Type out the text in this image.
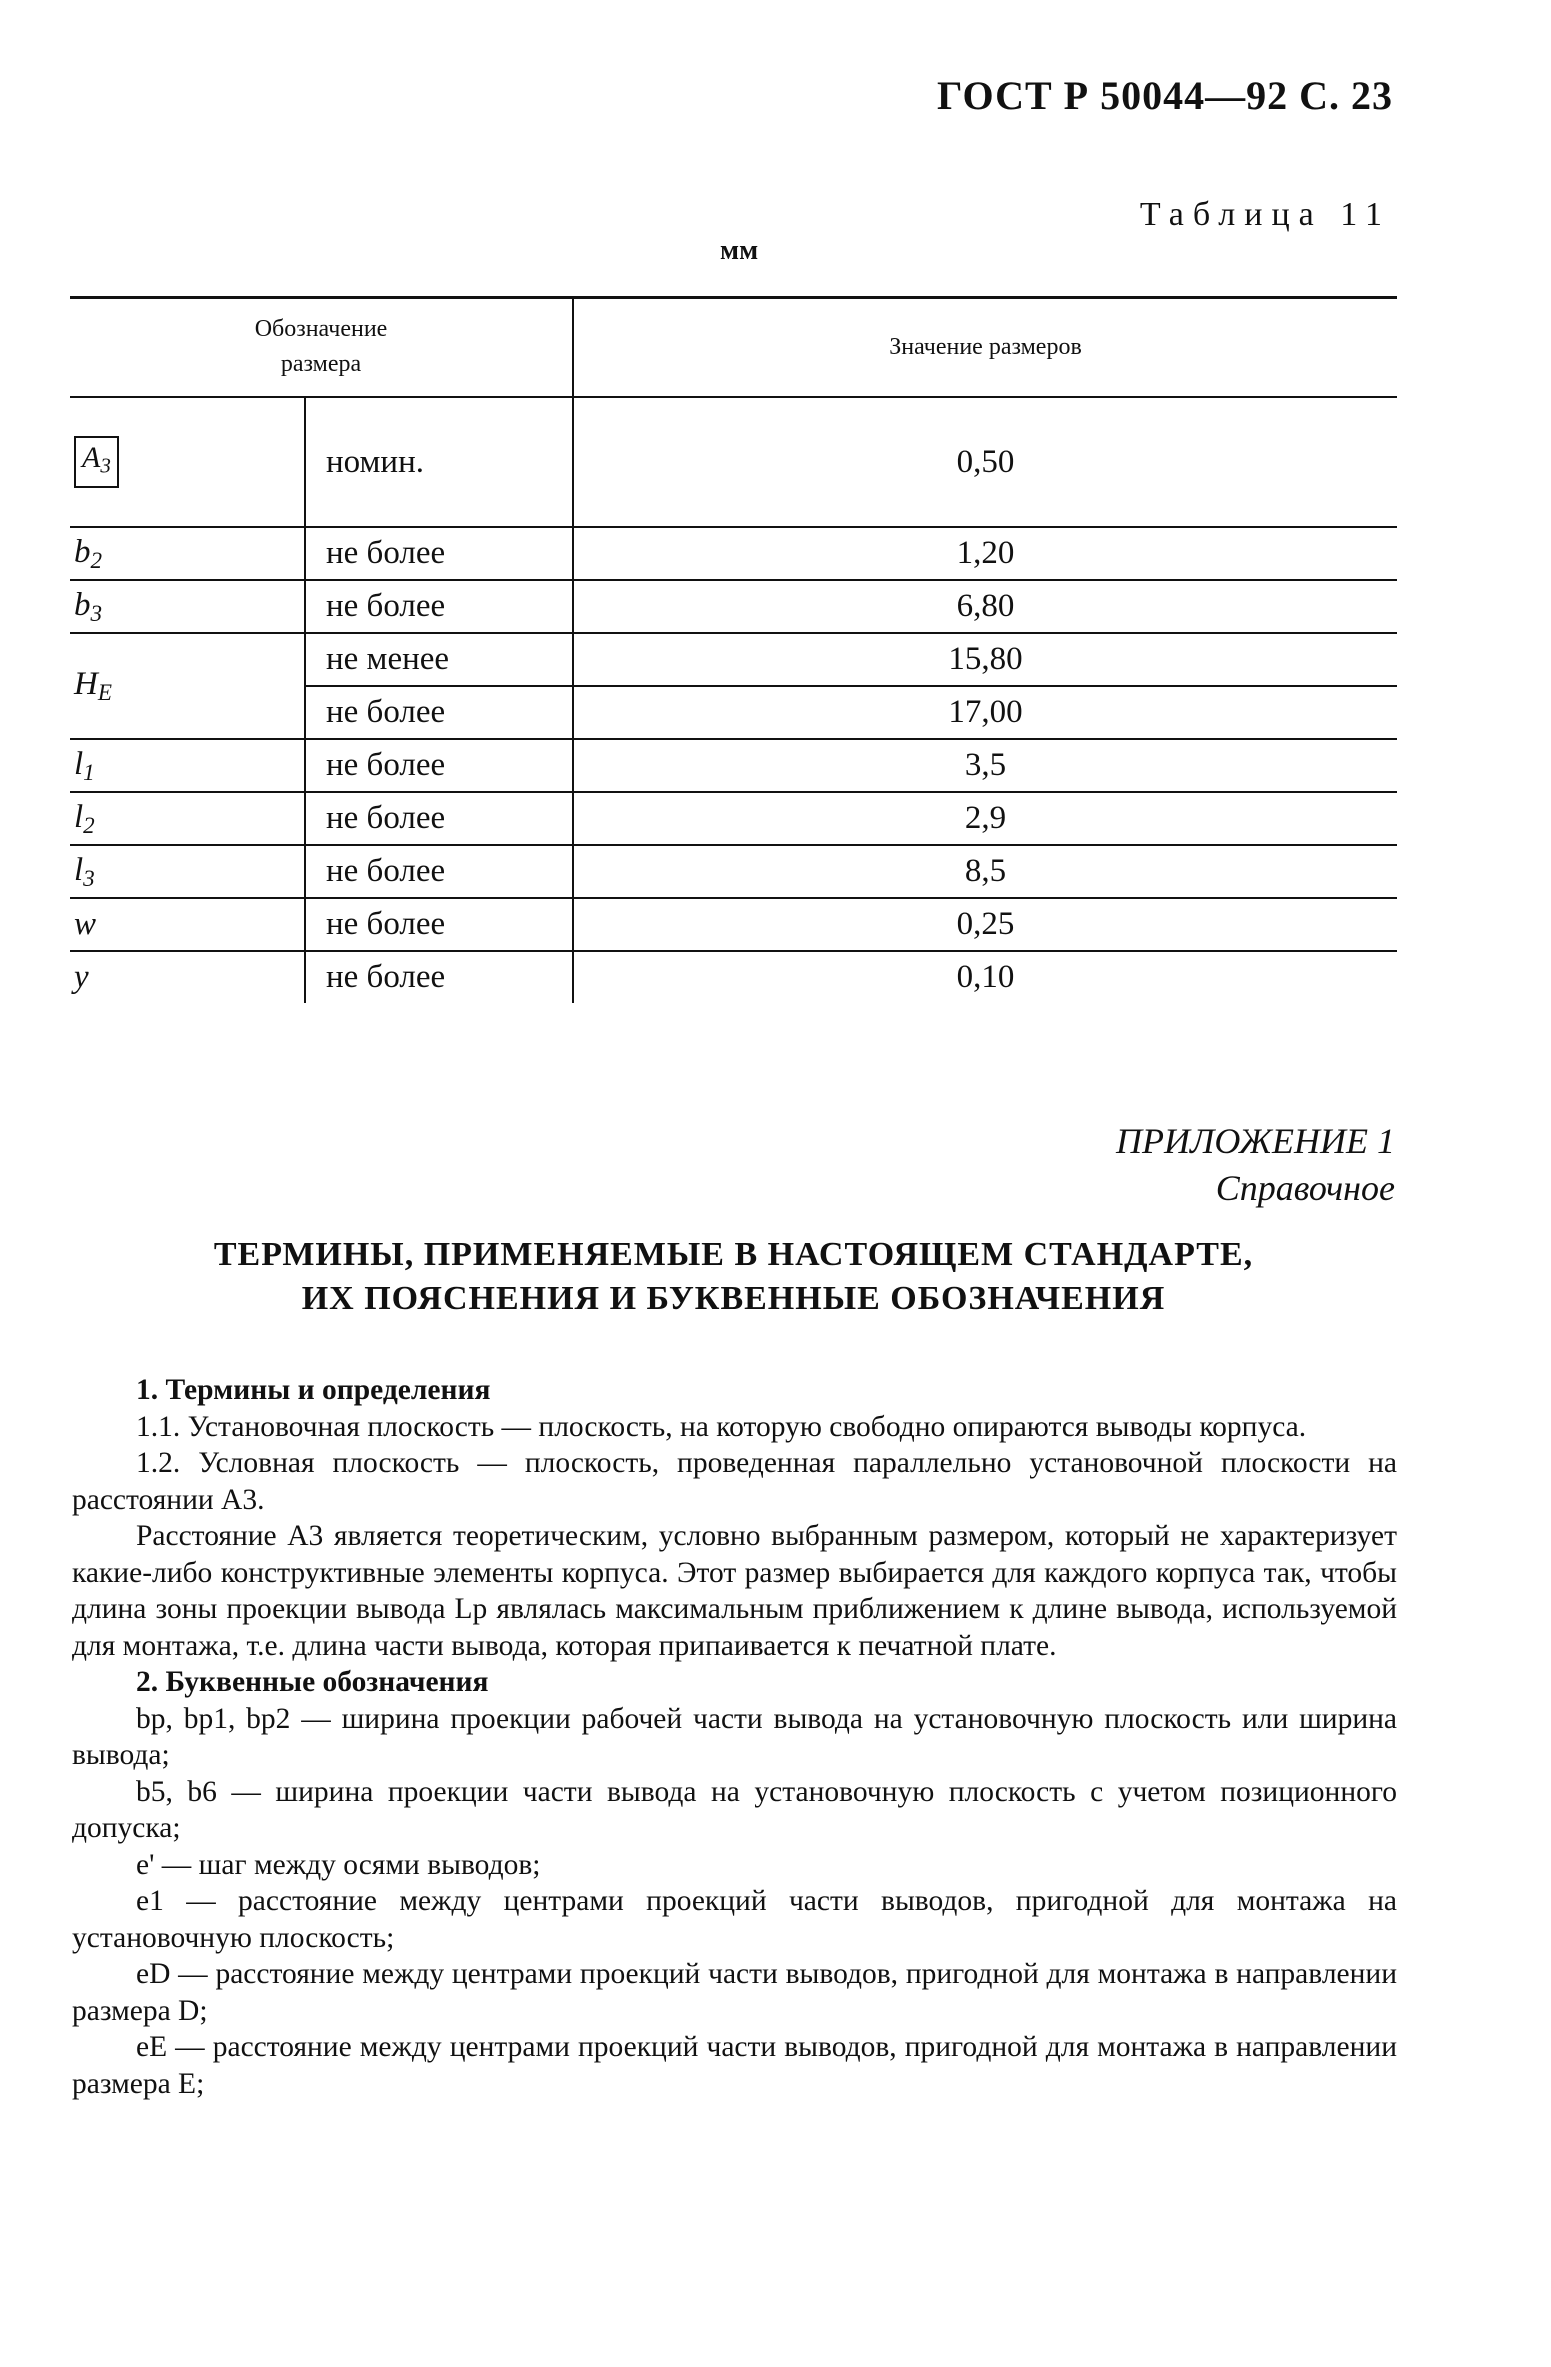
ГОСТ Р 50044—92 С. 23
Таблица 11
мм
Обозначение
размера		Значение размеров
$A_3$	номин.	0,50
$b_2$	не более	1,20
$b_3$	не более	6,80
$H_E$	не менее	15,80
	не более	17,00
$l_1$	не более	3,5
$l_2$	не более	2,9
$l_3$	не более	8,5
w	не более	0,25
y	не более	0,10
ПРИЛОЖЕНИЕ 1
Справочное
ТЕРМИНЫ, ПРИМЕНЯЕМЫЕ В НАСТОЯЩЕМ СТАНДАРТЕ,
ИХ ПОЯСНЕНИЯ И БУКВЕННЫЕ ОБОЗНАЧЕНИЯ

1. Термины и определения

1.1. Установочная плоскость — плоскость, на которую свободно опираются выводы корпуса.

1.2. Условная плоскость — плоскость, проведенная параллельно установочной плоскости на расстоянии A3.

Расстояние A3 является теоретическим, условно выбранным размером, который не характеризует какие-либо конструктивные элементы корпуса. Этот размер выбирается для каждого корпуса так, чтобы длина зоны проекции вывода Lp являлась максимальным приближением к длине вывода, используемой для монтажа, т.е. длина части вывода, которая припаивается к печатной плате.

2. Буквенные обозначения

bp, bp1, bp2 — ширина проекции рабочей части вывода на установочную плоскость или ширина вывода;

b5, b6 — ширина проекции части вывода на установочную плоскость с учетом позиционного допуска;

e' — шаг между осями выводов;

e1 — расстояние между центрами проекций части выводов, пригодной для монтажа на установочную плоскость;

eD — расстояние между центрами проекций части выводов, пригодной для монтажа в направлении размера D;

eE — расстояние между центрами проекций части выводов, пригодной для монтажа в направлении размера E;
